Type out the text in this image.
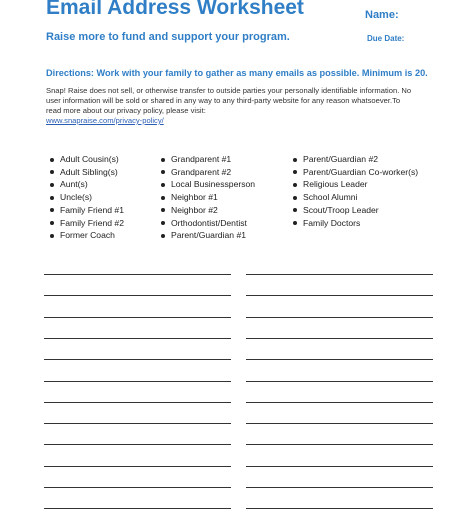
Email Address Worksheet	Name:
Raise more to fund and support your program.	Due Date:
Directions: Work with your family to gather as many emails as possible. Minimum is 20.
Snap! Raise does not sell, or otherwise transfer to outside parties your personally identifiable information. No user information will be sold or shared in any way to any third-party website for any reason whatsoever.To read more about our privacy policy, please visit:
www.snapraise.com/privacy-policy/
Adult Cousin(s)
Adult Sibling(s)
Aunt(s)
Uncle(s)
Family Friend #1
Family Friend #2
Former Coach
Grandparent #1
Grandparent #2
Local Businessperson
Neighbor #1
Neighbor #2
Orthodontist/Dentist
Parent/Guardian #1
Parent/Guardian #2
Parent/Guardian Co-worker(s)
Religious Leader
School Alumni
Scout/Troop Leader
Family Doctors
